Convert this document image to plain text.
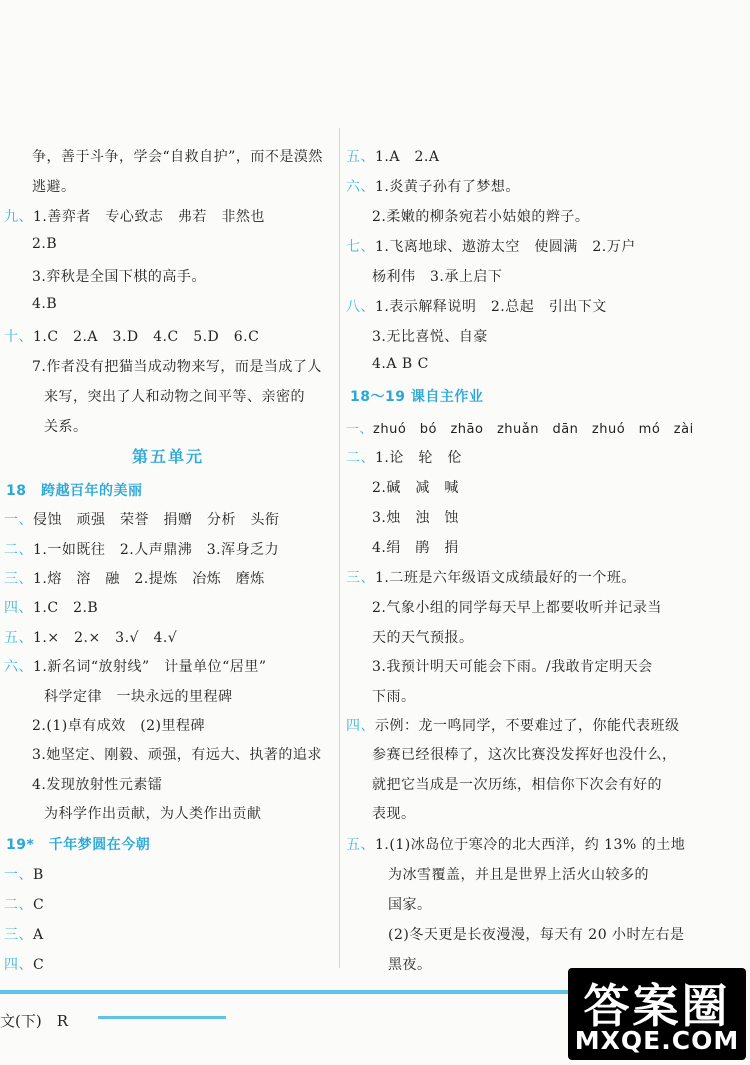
争，善于斗争，学会“自救自护”，而不是漠然
逃避。
九、1.善弈者　专心致志　弗若　非然也
2.B
3.弈秋是全国下棋的高手。
4.B
十、1.C　2.A　3.D　4.C　5.D　6.C
7.作者没有把猫当成动物来写，而是当成了人
来写，突出了人和动物之间平等、亲密的
关系。
第五单元
18　跨越百年的美丽
一、侵蚀　顽强　荣誉　捐赠　分析　头衔
二、1.一如既往　2.人声鼎沸　3.浑身乏力
三、1.熔　溶　融　2.提炼　冶炼　磨炼
四、1.C　2.B
五、1.×　2.×　3.√　4.√
六、1.新名词“放射线”　计量单位“居里”
科学定律　一块永远的里程碑
2.(1)卓有成效　(2)里程碑
3.她坚定、刚毅、顽强，有远大、执著的追求
4.发现放射性元素镭
为科学作出贡献，为人类作出贡献
19*　千年梦圆在今朝
一、B
二、C
三、A
四、C
五、1.A　2.A
六、1.炎黄子孙有了梦想。
2.柔嫩的柳条宛若小姑娘的辫子。
七、1.飞离地球、遨游太空　使圆满　2.万户
杨利伟　3.承上启下
八、1.表示解释说明　2.总起　引出下文
3.无比喜悦、自豪
4.A B C
18～19 课自主作业
一、zhuó　bó　zhāo　zhuǎn　dān　zhuó　mó　zài
二、1.论　轮　伦
2.碱　减　喊
3.烛　浊　蚀
4.绢　鹃　捐
三、1.二班是六年级语文成绩最好的一个班。
2.气象小组的同学每天早上都要收听并记录当
天的天气预报。
3.我预计明天可能会下雨。/我敢肯定明天会
下雨。
四、示例：龙一鸣同学，不要难过了，你能代表班级
参赛已经很棒了，这次比赛没发挥好也没什么，
就把它当成是一次历练，相信你下次会有好的
表现。
五、1.(1)冰岛位于寒冷的北大西洋，约 13% 的土地
为冰雪覆盖，并且是世界上活火山较多的
国家。
(2)冬天更是长夜漫漫，每天有 20 小时左右是
黑夜。
文(下)　R	答案圈
MXQE.COM
